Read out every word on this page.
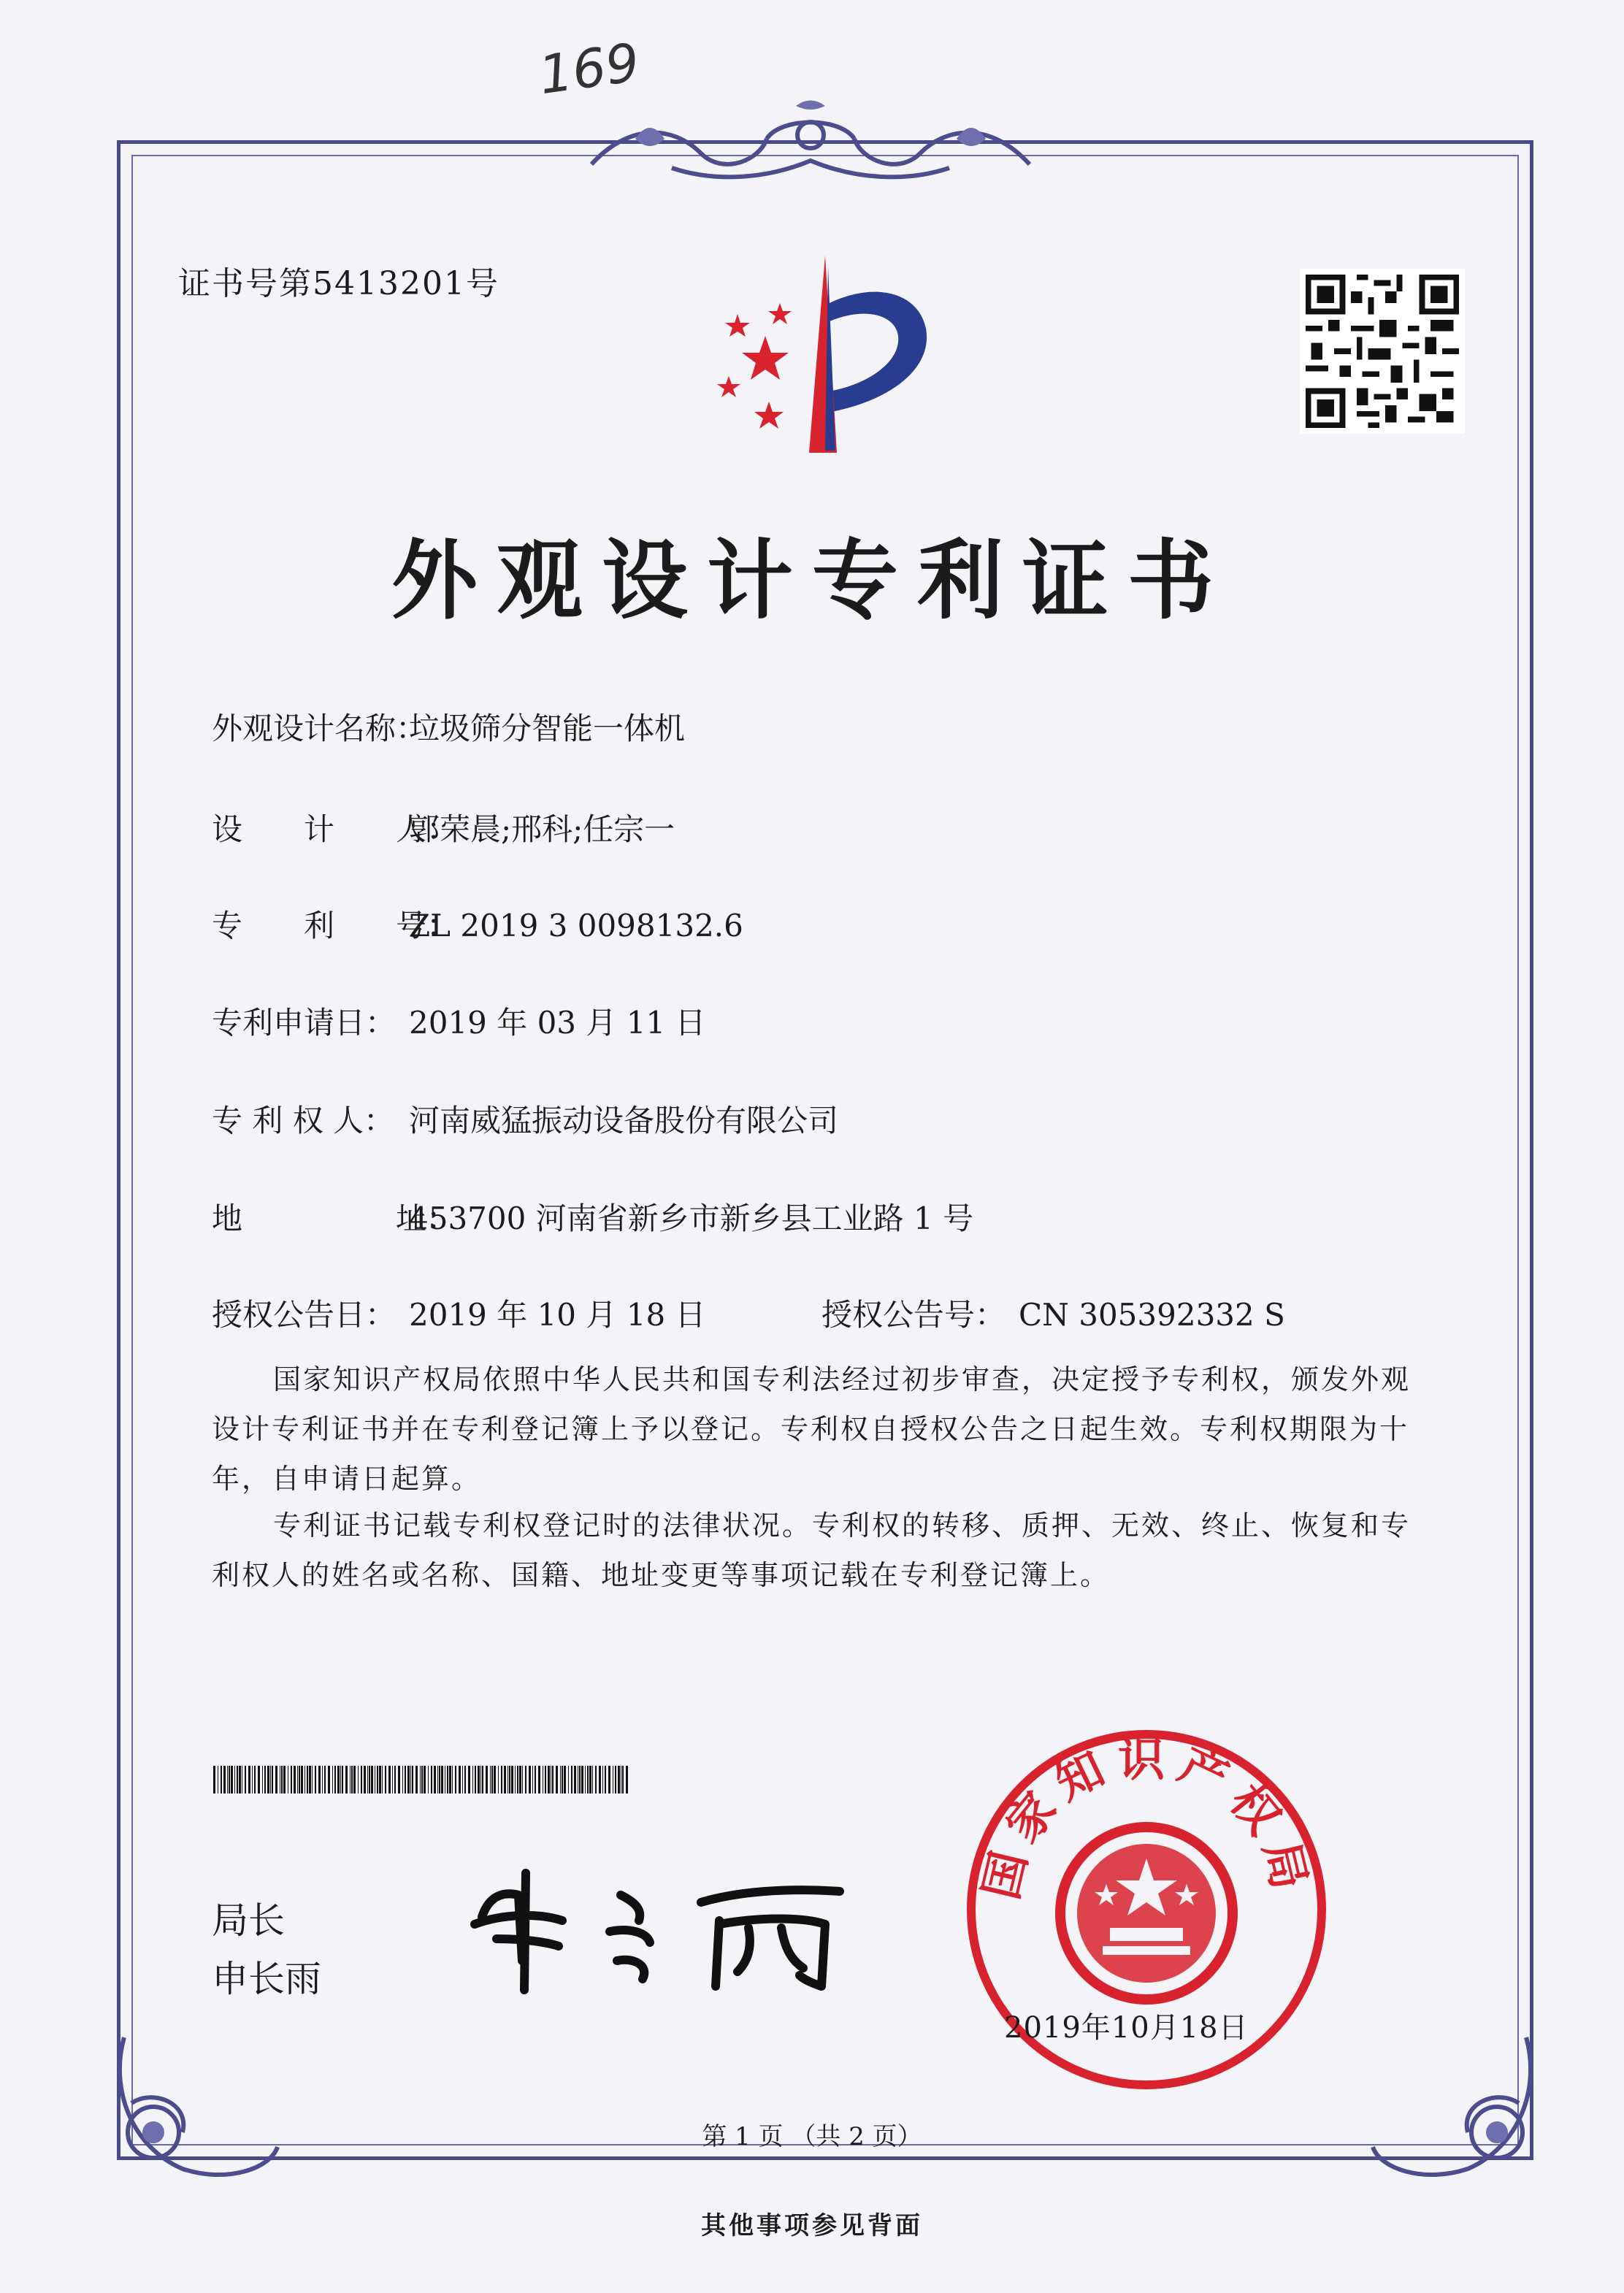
169
证书号第5413201号
外观设计专利证书
外观设计名称：垃圾筛分智能一体机
设　　计　　人：郭荣晨;邢科;任宗一
专　　利　　号：ZL 2019 3 0098132.6
专利申请日： 2019 年 03 月 11 日
专 利 权 人： 河南威猛振动设备股份有限公司
地　　　　　址：453700 河南省新乡市新乡县工业路 1 号
授权公告日： 2019 年 10 月 18 日	授权公告号： CN 305392332 S

国家知识产权局依照中华人民共和国专利法经过初步审查，决定授予专利权，颁发外观设计专利证书并在专利登记簿上予以登记。专利权自授权公告之日起生效。专利权期限为十年，自申请日起算。

专利证书记载专利权登记时的法律状况。专利权的转移、质押、无效、终止、恢复和专利权人的姓名或名称、国籍、地址变更等事项记载在专利登记簿上。

局长
申长雨
国家知识产权局
2019年10月18日
第 1 页 （共 2 页）
其他事项参见背面
